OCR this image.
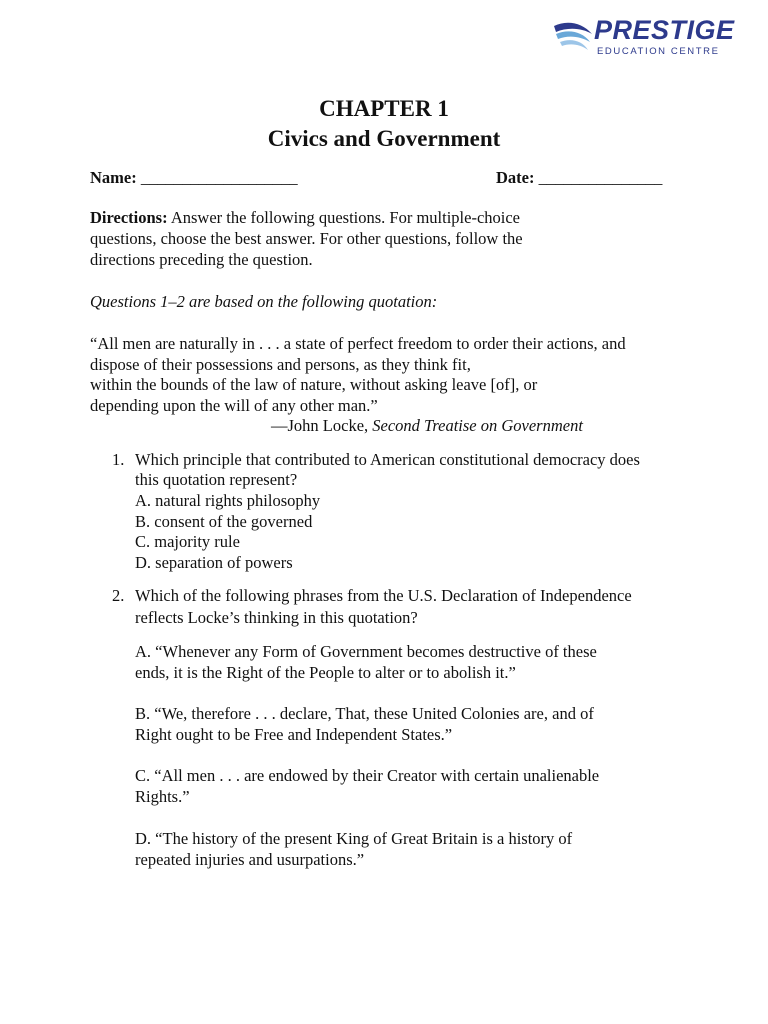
PRESTIGE
EDUCATION CENTRE
CHAPTER 1
Civics and Government
Name: ___________________	Date: _______________
Directions: Answer the following questions. For multiple-choice
questions, choose the best answer. For other questions, follow the
directions preceding the question.
Questions 1–2 are based on the following quotation:
“All men are naturally in . . . a state of perfect freedom to order their actions, and
dispose of their possessions and persons, as they think fit,
within the bounds of the law of nature, without asking leave [of], or
depending upon the will of any other man.”
—John Locke, Second Treatise on Government
1. Which principle that contributed to American constitutional democracy does
this quotation represent?
A. natural rights philosophy
B. consent of the governed
C. majority rule
D. separation of powers
2. Which of the following phrases from the U.S. Declaration of Independence
reflects Locke’s thinking in this quotation?
A. “Whenever any Form of Government becomes destructive of these
ends, it is the Right of the People to alter or to abolish it.”
B. “We, therefore . . . declare, That, these United Colonies are, and of
Right ought to be Free and Independent States.”
C. “All men . . . are endowed by their Creator with certain unalienable
Rights.”
D. “The history of the present King of Great Britain is a history of
repeated injuries and usurpations.”
